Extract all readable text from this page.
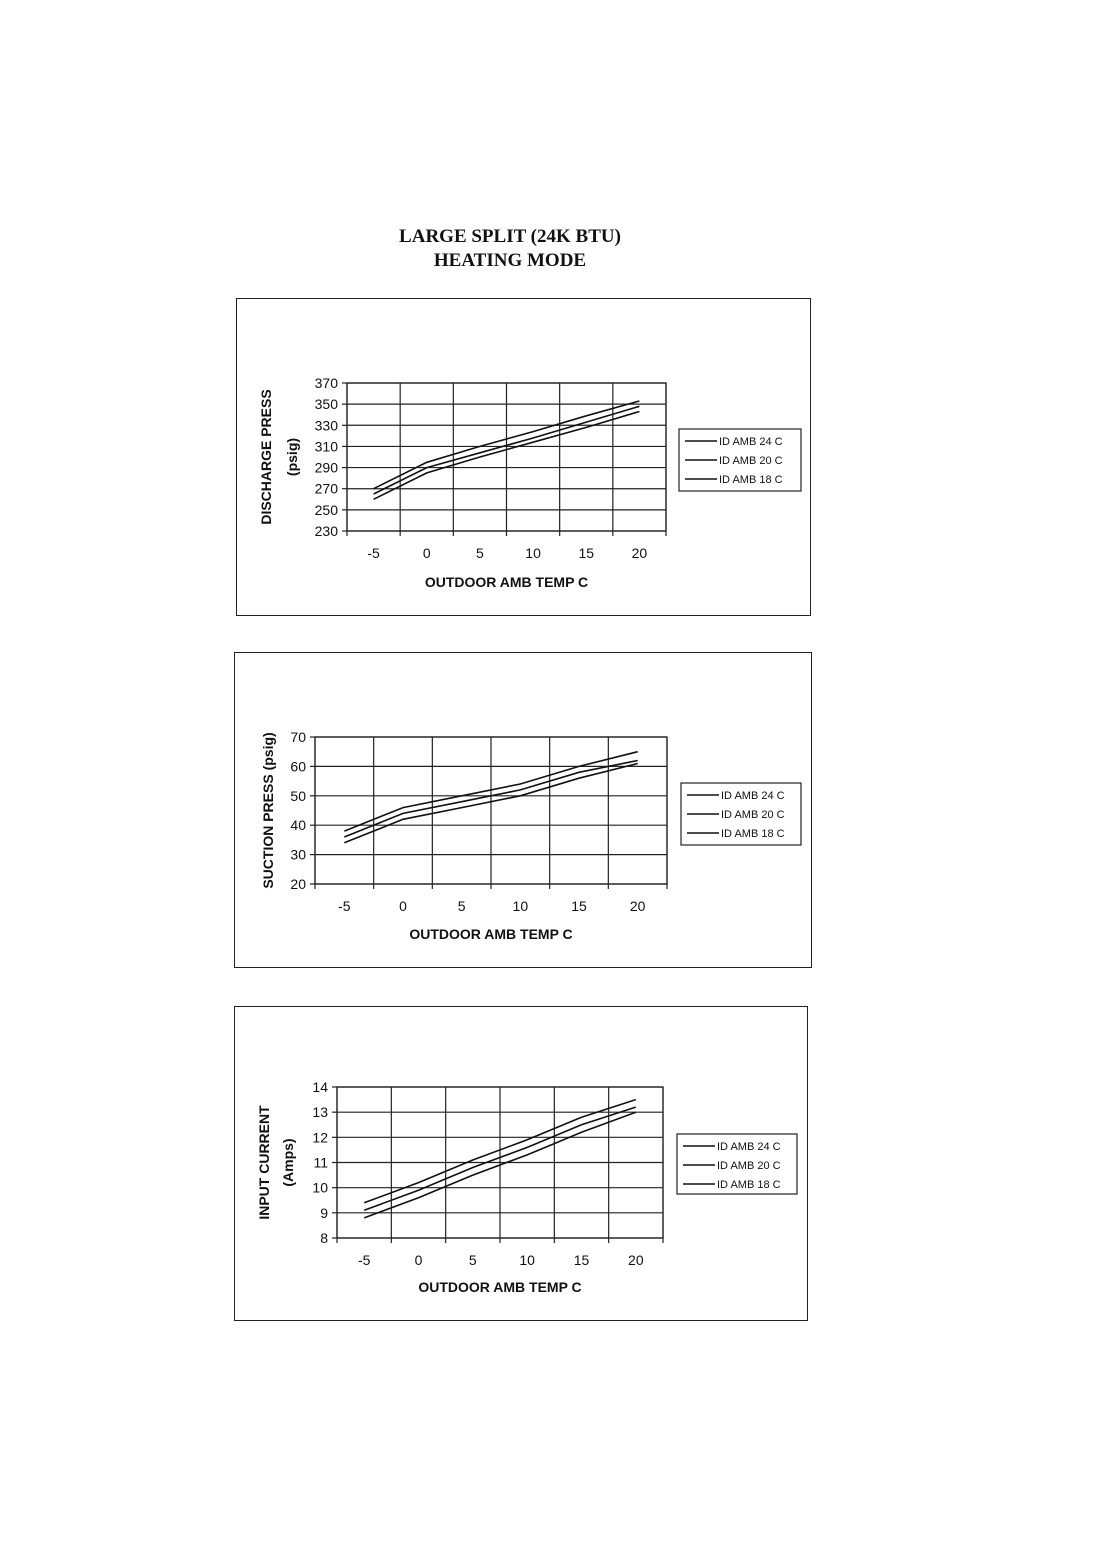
LARGE SPLIT (24K BTU)
HEATING MODE
230
250
270
290
310
330
350
370
-5	0	5	10	15	20
DISCHARGE PRESS (psig)
OUTDOOR AMB TEMP C
ID AMB 24 C
ID AMB 20 C
ID AMB 18 C
20
30
40
50
60
70
-5	0	5	10	15	20
SUCTION PRESS (psig)
OUTDOOR AMB TEMP C
ID AMB 24 C
ID AMB 20 C
ID AMB 18 C
8
9
10
11
12
13
14
-5	0	5	10	15	20
INPUT CURRENT (Amps)
OUTDOOR AMB TEMP C
ID AMB 24 C
ID AMB 20 C
ID AMB 18 C
